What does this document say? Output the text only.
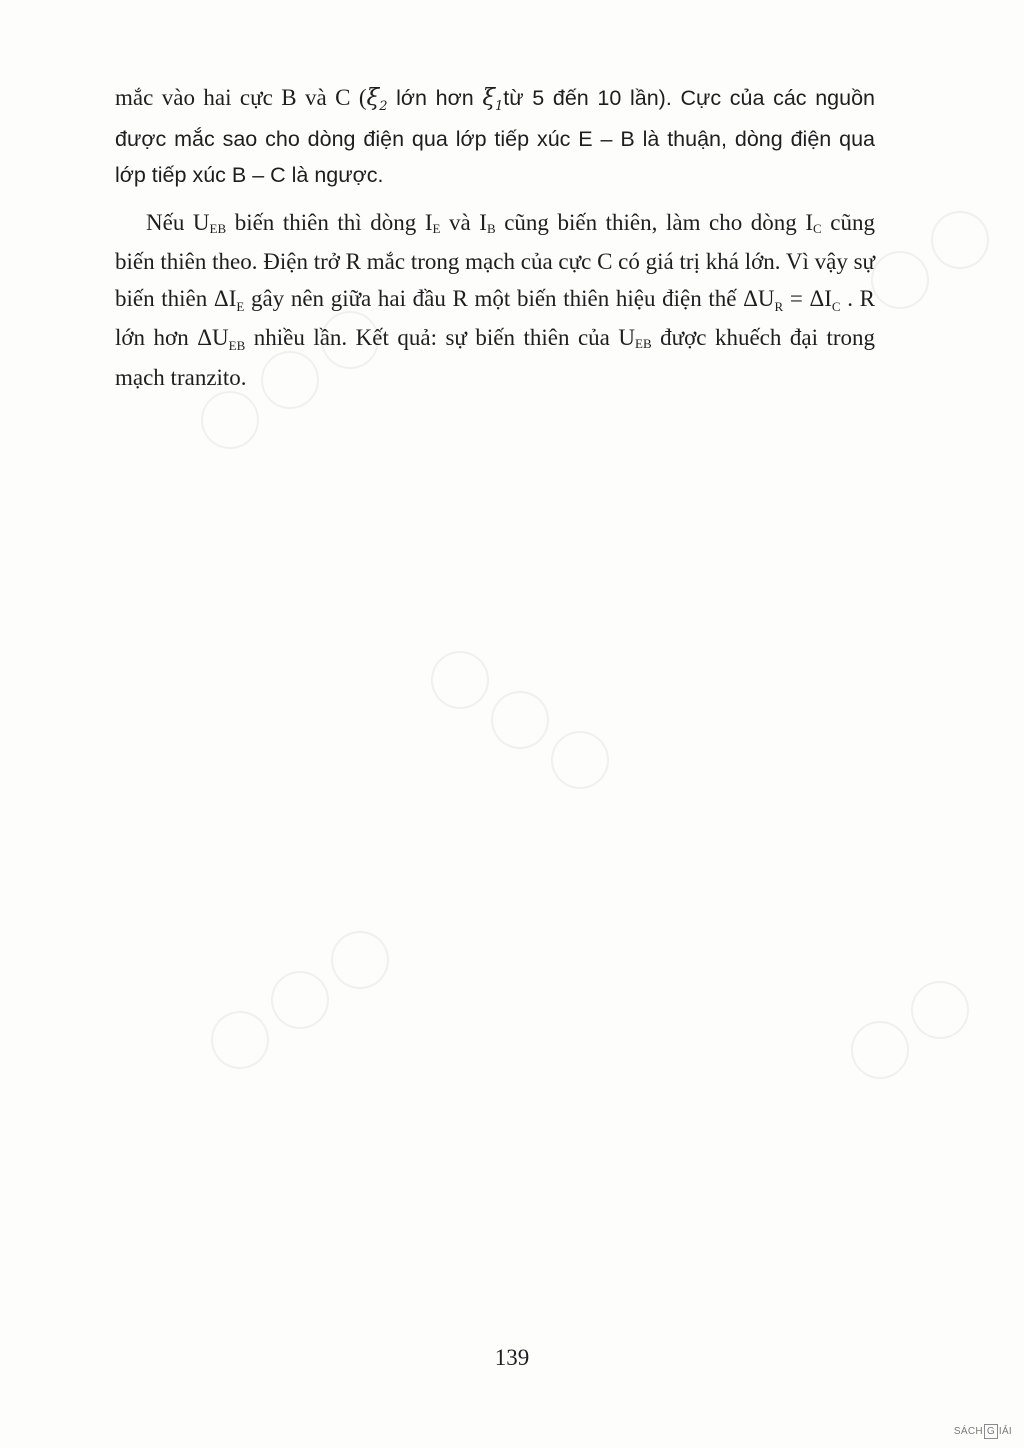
mắc vào hai cực B và C ($\xi_2$ lớn hơn $\xi_1từ$ 5 đến 10 lần). Cực của các nguồn được mắc sao cho dòng điện qua lớp tiếp xúc E – B là thuận, dòng điện qua lớp tiếp xúc B – C là ngược.

Nếu UEB biến thiên thì dòng IE và IB cũng biến thiên, làm cho dòng IC cũng biến thiên theo. Điện trở R mắc trong mạch của cực C có giá trị khá lớn. Vì vậy sự biến thiên $\Delta I_E$ gây nên giữa hai đầu R một biến thiên hiệu điện thế $\Delta U_R = \Delta I_C$ . R lớn hơn $\Delta U_{EB}$ nhiều lần. Kết quả: sự biến thiên của UEB được khuếch đại trong mạch tranzito.

139
SÁCH G IẢI
